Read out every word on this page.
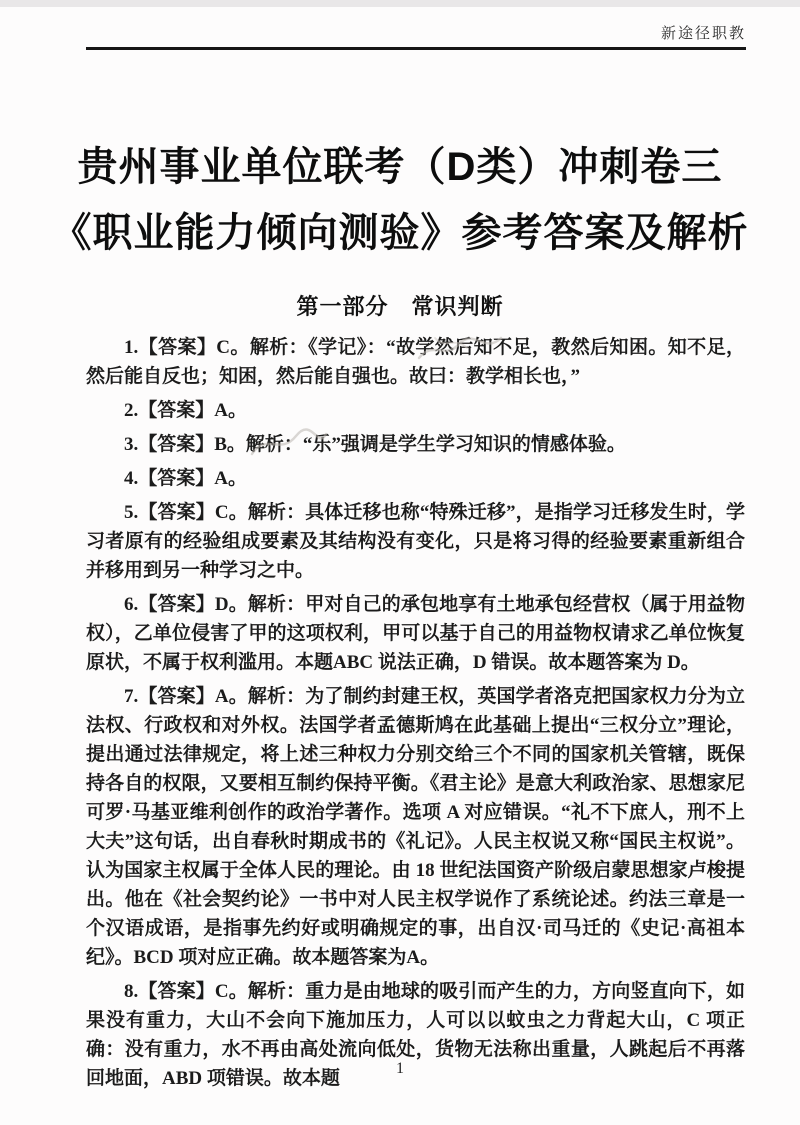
新途径职教
贵州事业单位联考（D类）冲刺卷三
《职业能力倾向测验》参考答案及解析
第一部分　常识判断

1.【答案】C。解析：《学记》：“故学然后知不足，教然后知困。知不足，然后能自反也；知困，然后能自强也。故曰：教学相长也，”

2.【答案】A。

3.【答案】B。解析：“乐”强调是学生学习知识的情感体验。

4.【答案】A。

5.【答案】C。解析：具体迁移也称“特殊迁移”，是指学习迁移发生时，学习者原有的经验组成要素及其结构没有变化，只是将习得的经验要素重新组合并移用到另一种学习之中。

6.【答案】D。解析：甲对自己的承包地享有土地承包经营权（属于用益物权），乙单位侵害了甲的这项权利，甲可以基于自己的用益物权请求乙单位恢复原状，不属于权利滥用。本题ABC 说法正确，D 错误。故本题答案为 D。

7.【答案】A。解析：为了制约封建王权，英国学者洛克把国家权力分为立法权、行政权和对外权。法国学者孟德斯鸠在此基础上提出“三权分立”理论，提出通过法律规定，将上述三种权力分别交给三个不同的国家机关管辖，既保持各自的权限，又要相互制约保持平衡。《君主论》是意大利政治家、思想家尼可罗·马基亚维利创作的政治学著作。选项 A 对应错误。“礼不下庶人，刑不上大夫”这句话，出自春秋时期成书的《礼记》。人民主权说又称“国民主权说”。认为国家主权属于全体人民的理论。由 18 世纪法国资产阶级启蒙思想家卢梭提出。他在《社会契约论》一书中对人民主权学说作了系统论述。约法三章是一个汉语成语，是指事先约好或明确规定的事，出自汉·司马迁的《史记·高祖本纪》。BCD 项对应正确。故本题答案为A。

8.【答案】C。解析：重力是由地球的吸引而产生的力，方向竖直向下，如果没有重力，大山不会向下施加压力，人可以以蚊虫之力背起大山，C 项正确：没有重力，水不再由高处流向低处，货物无法称出重量，人跳起后不再落回地面，ABD 项错误。故本题	1
